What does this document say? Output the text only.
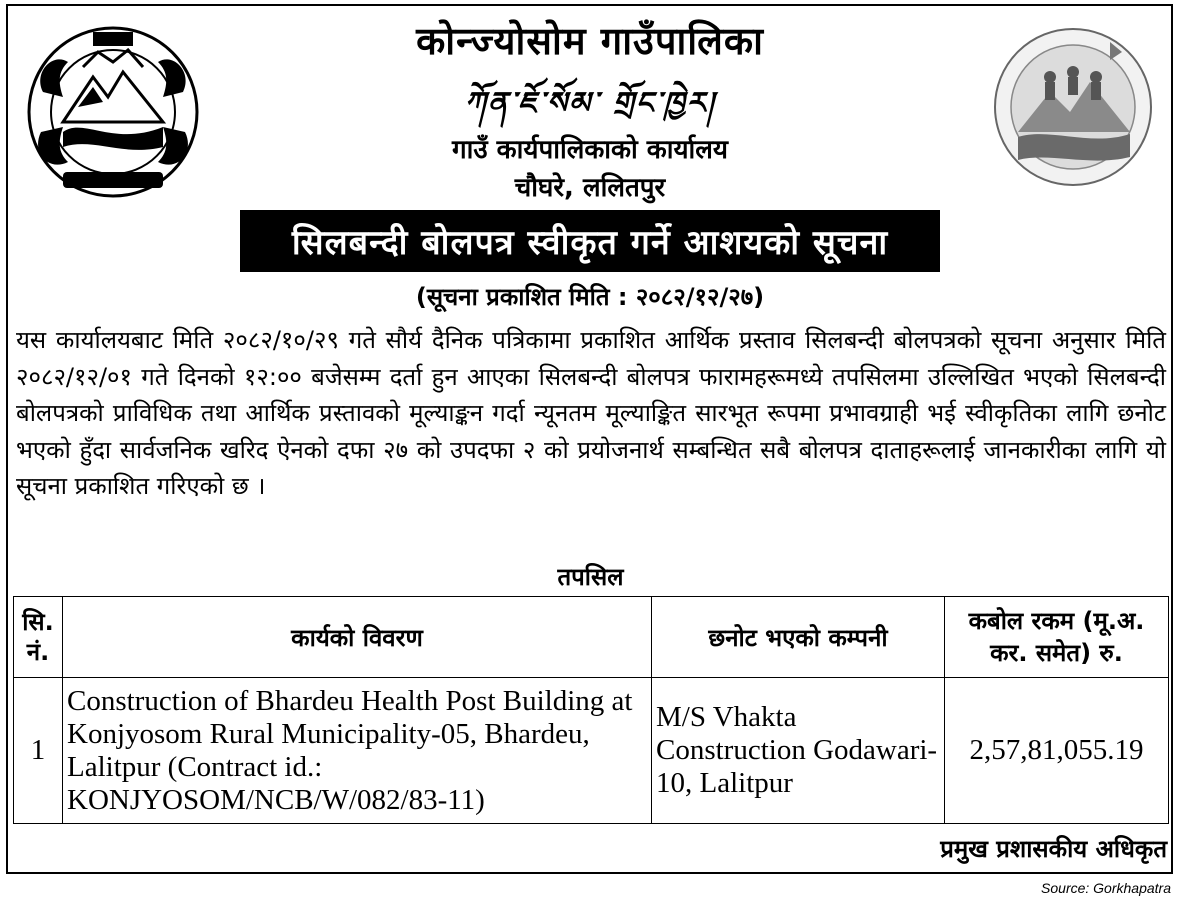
कोन्ज्योसोम गाउँपालिका
ཀོན་ཇོ་སོམ་ གྲོང་ཁྱེར།
गाउँ कार्यपालिकाको कार्यालय
चौघरे, ललितपुर
सिलबन्दी बोलपत्र स्वीकृत गर्ने आशयको सूचना
(सूचना प्रकाशित मिति : २०८२/१२/२७)
यस कार्यालयबाट मिति २०८२/१०/२९ गते सौर्य दैनिक पत्रिकामा प्रकाशित आर्थिक प्रस्ताव सिलबन्दी बोलपत्रको सूचना अनुसार मिति २०८२/१२/०१ गते दिनको १२:०० बजेसम्म दर्ता हुन आएका सिलबन्दी बोलपत्र फारामहरूमध्ये तपसिलमा उल्लिखित भएको सिलबन्दी बोलपत्रको प्राविधिक तथा आर्थिक प्रस्तावको मूल्याङ्कन गर्दा न्यूनतम मूल्याङ्कित सारभूत रूपमा प्रभावग्राही भई स्वीकृतिका लागि छनोट भएको हुँदा सार्वजनिक खरिद ऐनको दफा २७ को उपदफा २ को प्रयोजनार्थ सम्बन्धित सबै बोलपत्र दाताहरूलाई जानकारीका लागि यो सूचना प्रकाशित गरिएको छ ।
तपसिल
सि. नं.	कार्यको विवरण	छनोट भएको कम्पनी	कबोल रकम (मू.अ. कर. समेत) रु.
1	Construction of Bhardeu Health Post Building at Konjyosom Rural Municipality-05, Bhardeu, Lalitpur (Contract id.: KONJYOSOM/NCB/W/082/83-11)	M/S Vhakta Construction Godawari-10, Lalitpur	2,57,81,055.19
प्रमुख प्रशासकीय अधिकृत
Source: Gorkhapatra
